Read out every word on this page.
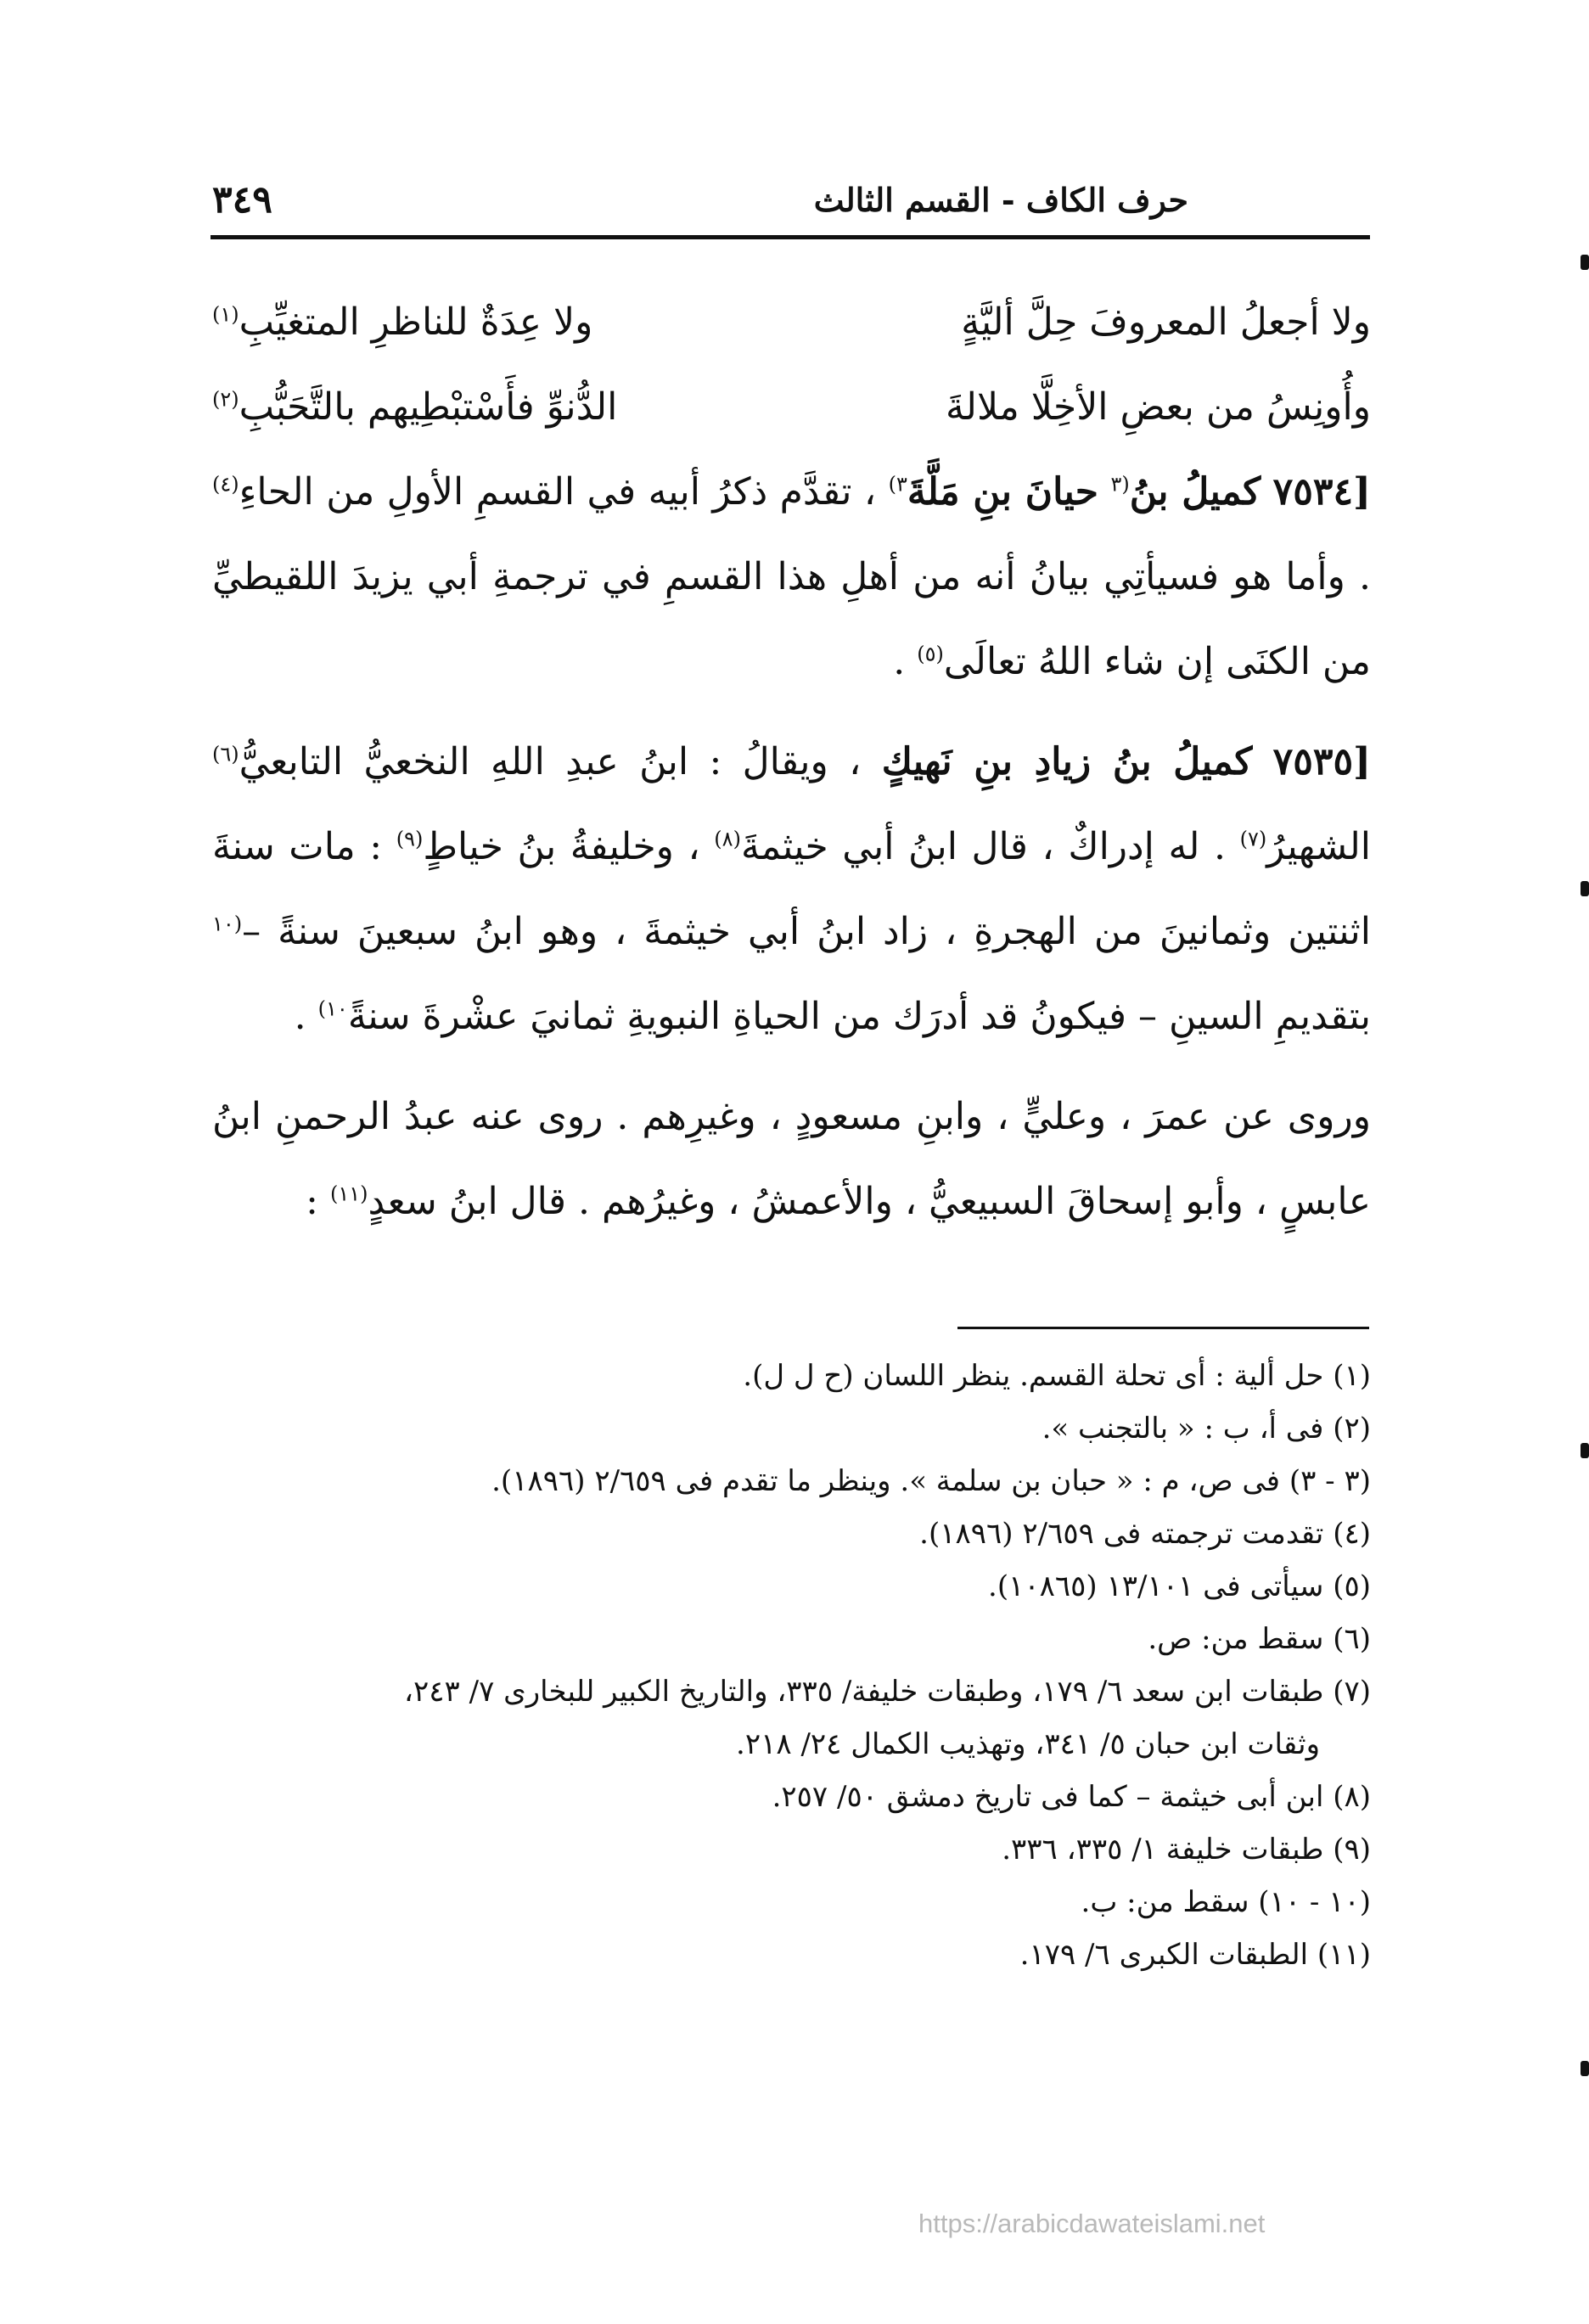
٣٤٩	حرف الكاف - القسم الثالث
ولا أجعلُ المعروفَ حِلَّ أليَّةٍ
ولا عِدَةٌ للناظرِ المتغيِّبِ$^{(١)}$
وأُونِسُ من بعضِ الأخِلَّا ملالةَ
الدُّنوِّ فأَسْتبْطِيهم بالتَّحَبُّبِ$^{(٢)}$

[٧٥٣٤ كميلُ بنُ$^{(٣}$ حيانَ بنِ مَلَّةَ$^{٣)}$ ، تقدَّم ذكرُ أبيه في القسمِ الأولِ من الحاءِ$^{(٤)}$ . وأما هو فسيأتِي بيانُ أنه من أهلِ هذا القسمِ في ترجمةِ أبي يزيدَ اللقيطيِّ من الكنَى إن شاء اللهُ تعالَى$^{(٥)}$ .

[٧٥٣٥ كميلُ بنُ زيادِ بنِ نَهيكٍ ، ويقالُ : ابنُ عبدِ اللهِ النخعيُّ التابعيُّ$^{(٦)}$ الشهيرُ$^{(٧)}$ . له إدراكٌ ، قال ابنُ أبي خيثمةَ$^{(٨)}$ ، وخليفةُ بنُ خياطٍ$^{(٩)}$ : مات سنةَ اثنتين وثمانينَ من الهجرةِ ، زاد ابنُ أبي خيثمةَ ، وهو ابنُ سبعينَ سنةً –$^{(١٠}$ بتقديمِ السينِ – فيكونُ قد أدرَك من الحياةِ النبويةِ ثمانيَ عشْرةَ سنةً$^{١٠)}$ .

وروى عن عمرَ ، وعليٍّ ، وابنِ مسعودٍ ، وغيرِهم . روى عنه عبدُ الرحمنِ ابنُ عابسٍ ، وأبو إسحاقَ السبيعيُّ ، والأعمشُ ، وغيرُهم . قال ابنُ سعدٍ$^{(١١)}$ :

(١) حل ألية : أى تحلة القسم. ينظر اللسان (ح ل ل).

(٢) فى أ، ب : « بالتجنب ».

(٣ - ٣) فى ص، م : « حبان بن سلمة ». وينظر ما تقدم فى ٢/٦٥٩ (١٨٩٦).

(٤) تقدمت ترجمته فى ٢/٦٥٩ (١٨٩٦).

(٥) سيأتى فى ١٣/١٠١ (١٠٨٦٥).

(٦) سقط من: ص.

(٧) طبقات ابن سعد ٦/ ١٧٩، وطبقات خليفة/ ٣٣٥، والتاريخ الكبير للبخارى ٧/ ٢٤٣،
وثقات ابن حبان ٥/ ٣٤١، وتهذيب الكمال ٢٤/ ٢١٨.

(٨) ابن أبى خيثمة – كما فى تاريخ دمشق ٥٠/ ٢٥٧.

(٩) طبقات خليفة ١/ ٣٣٥، ٣٣٦.

(١٠ - ١٠) سقط من: ب.

(١١) الطبقات الكبرى ٦/ ١٧٩.

https://arabicdawateislami.net
